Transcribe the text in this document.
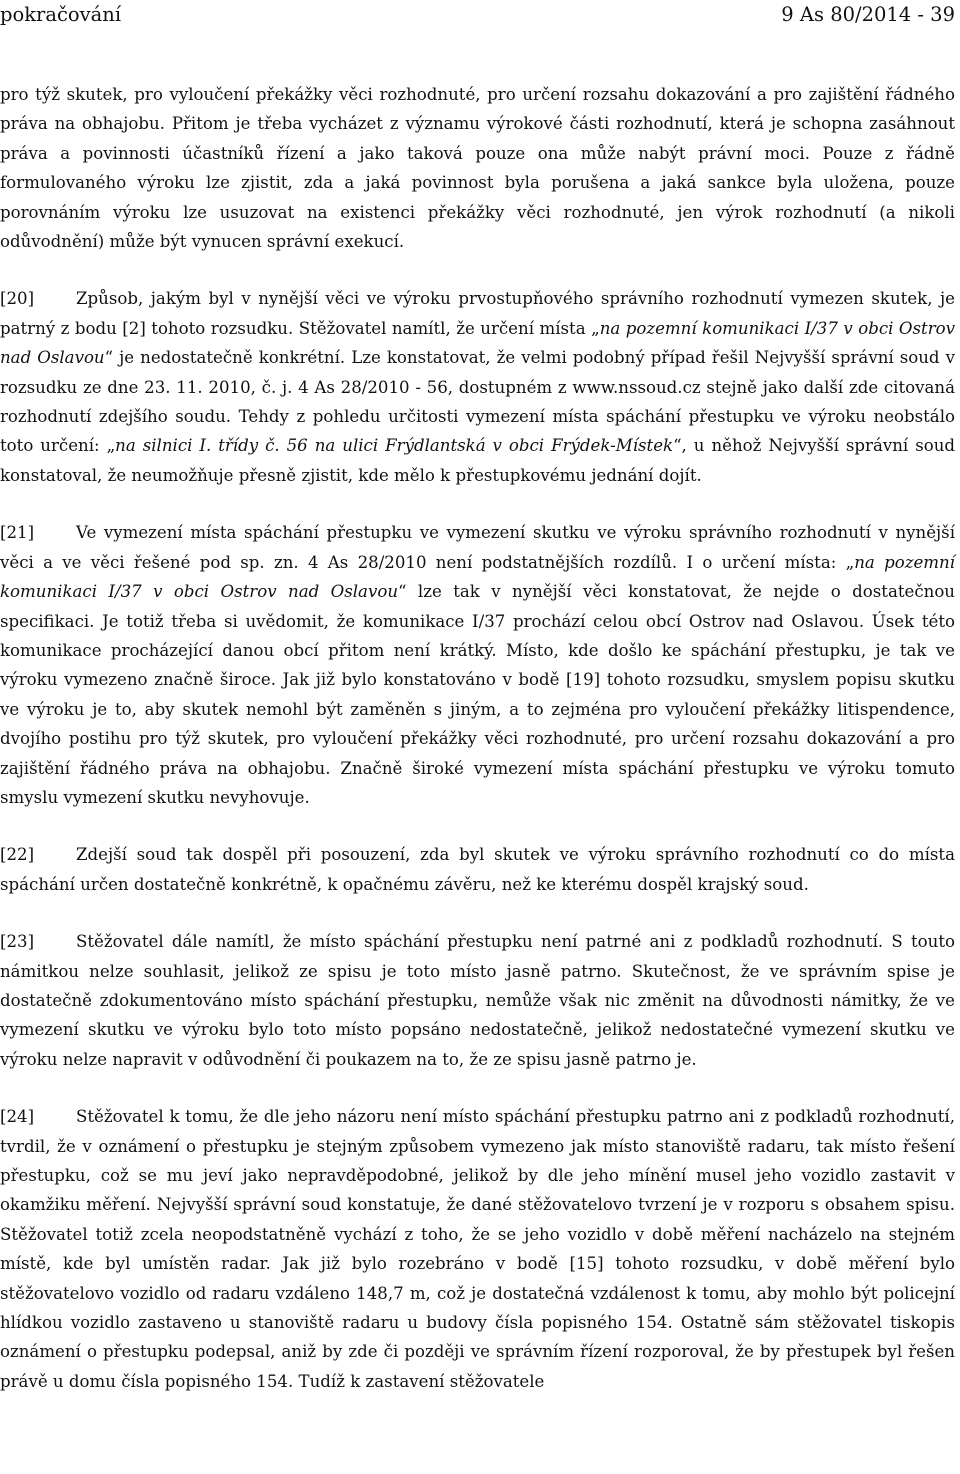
pokračování	9 As 80/2014 - 39

pro týž skutek, pro vyloučení překážky věci rozhodnuté, pro určení rozsahu dokazování a pro zajištění řádného práva na obhajobu. Přitom je třeba vycházet z významu výrokové části rozhodnutí, která je schopna zasáhnout práva a povinnosti účastníků řízení a jako taková pouze ona může nabýt právní moci. Pouze z řádně formulovaného výroku lze zjistit, zda a jaká povinnost byla porušena a jaká sankce byla uložena, pouze porovnáním výroku lze usuzovat na existenci překážky věci rozhodnuté, jen výrok rozhodnutí (a nikoli odůvodnění) může být vynucen správní exekucí.

[20]	Způsob, jakým byl v nynější věci ve výroku prvostupňového správního rozhodnutí vymezen skutek, je patrný z bodu [2] tohoto rozsudku. Stěžovatel namítl, že určení místa „na pozemní komunikaci I/37 v obci Ostrov nad Oslavou“ je nedostatečně konkrétní. Lze konstatovat, že velmi podobný případ řešil Nejvyšší správní soud v rozsudku ze dne 23. 11. 2010, č. j. 4 As 28/2010 - 56, dostupném z www.nssoud.cz stejně jako další zde citovaná rozhodnutí zdejšího soudu. Tehdy z pohledu určitosti vymezení místa spáchání přestupku ve výroku neobstálo toto určení: „na silnici I. třídy č. 56 na ulici Frýdlantská v obci Frýdek-Místek“, u něhož Nejvyšší správní soud konstatoval, že neumožňuje přesně zjistit, kde mělo k přestupkovému jednání dojít.

[21]	Ve vymezení místa spáchání přestupku ve vymezení skutku ve výroku správního rozhodnutí v nynější věci a ve věci řešené pod sp. zn. 4 As 28/2010 není podstatnějších rozdílů. I o určení místa: „na pozemní komunikaci I/37 v obci Ostrov nad Oslavou“ lze tak v nynější věci konstatovat, že nejde o dostatečnou specifikaci. Je totiž třeba si uvědomit, že komunikace I/37 prochází celou obcí Ostrov nad Oslavou. Úsek této komunikace procházející danou obcí přitom není krátký. Místo, kde došlo ke spáchání přestupku, je tak ve výroku vymezeno značně široce. Jak již bylo konstatováno v bodě [19] tohoto rozsudku, smyslem popisu skutku ve výroku je to, aby skutek nemohl být zaměněn s jiným, a to zejména pro vyloučení překážky litispendence, dvojího postihu pro týž skutek, pro vyloučení překážky věci rozhodnuté, pro určení rozsahu dokazování a pro zajištění řádného práva na obhajobu. Značně široké vymezení místa spáchání přestupku ve výroku tomuto smyslu vymezení skutku nevyhovuje.

[22]	Zdejší soud tak dospěl při posouzení, zda byl skutek ve výroku správního rozhodnutí co do místa spáchání určen dostatečně konkrétně, k opačnému závěru, než ke kterému dospěl krajský soud.

[23]	Stěžovatel dále namítl, že místo spáchání přestupku není patrné ani z podkladů rozhodnutí. S touto námitkou nelze souhlasit, jelikož ze spisu je toto místo jasně patrno. Skutečnost, že ve správním spise je dostatečně zdokumentováno místo spáchání přestupku, nemůže však nic změnit na důvodnosti námitky, že ve vymezení skutku ve výroku bylo toto místo popsáno nedostatečně, jelikož nedostatečné vymezení skutku ve výroku nelze napravit v odůvodnění či poukazem na to, že ze spisu jasně patrno je.

[24]	Stěžovatel k tomu, že dle jeho názoru není místo spáchání přestupku patrno ani z podkladů rozhodnutí, tvrdil, že v oznámení o přestupku je stejným způsobem vymezeno jak místo stanoviště radaru, tak místo řešení přestupku, což se mu jeví jako nepravděpodobné, jelikož by dle jeho mínění musel jeho vozidlo zastavit v okamžiku měření. Nejvyšší správní soud konstatuje, že dané stěžovatelovo tvrzení je v rozporu s obsahem spisu. Stěžovatel totiž zcela neopodstatněně vychází z toho, že se jeho vozidlo v době měření nacházelo na stejném místě, kde byl umístěn radar. Jak již bylo rozebráno v bodě [15] tohoto rozsudku, v době měření bylo stěžovatelovo vozidlo od radaru vzdáleno 148,7 m, což je dostatečná vzdálenost k tomu, aby mohlo být policejní hlídkou vozidlo zastaveno u stanoviště radaru u budovy čísla popisného 154. Ostatně sám stěžovatel tiskopis oznámení o přestupku podepsal, aniž by zde či později ve správním řízení rozporoval, že by přestupek byl řešen právě u domu čísla popisného 154. Tudíž k zastavení stěžovatele
